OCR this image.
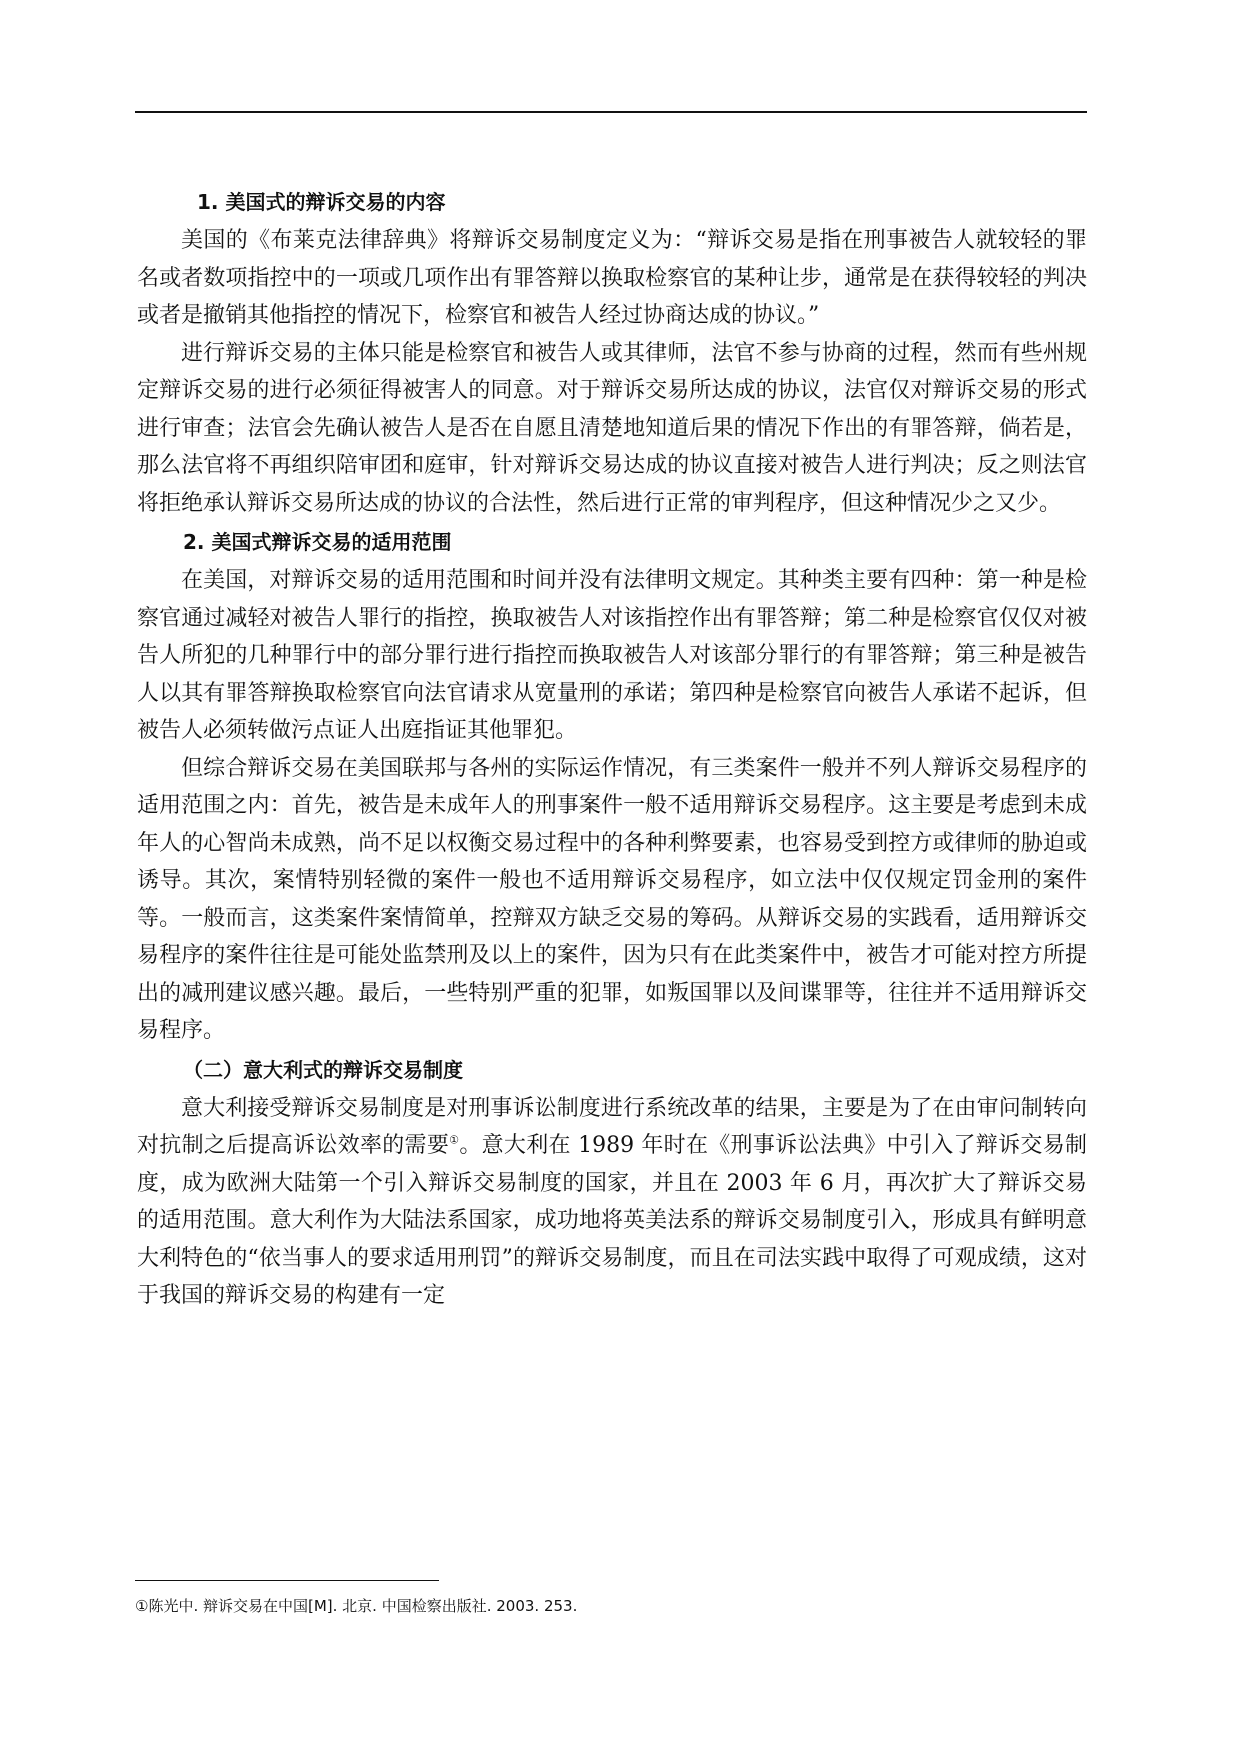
1. 美国式的辩诉交易的内容

美国的《布莱克法律辞典》将辩诉交易制度定义为：“辩诉交易是指在刑事被告人就较轻的罪名或者数项指控中的一项或几项作出有罪答辩以换取检察官的某种让步，通常是在获得较轻的判决或者是撤销其他指控的情况下，检察官和被告人经过协商达成的协议。”

进行辩诉交易的主体只能是检察官和被告人或其律师，法官不参与协商的过程，然而有些州规定辩诉交易的进行必须征得被害人的同意。对于辩诉交易所达成的协议，法官仅对辩诉交易的形式进行审查；法官会先确认被告人是否在自愿且清楚地知道后果的情况下作出的有罪答辩，倘若是，那么法官将不再组织陪审团和庭审，针对辩诉交易达成的协议直接对被告人进行判决；反之则法官将拒绝承认辩诉交易所达成的协议的合法性，然后进行正常的审判程序，但这种情况少之又少。

2. 美国式辩诉交易的适用范围

在美国，对辩诉交易的适用范围和时间并没有法律明文规定。其种类主要有四种：第一种是检察官通过减轻对被告人罪行的指控，换取被告人对该指控作出有罪答辩；第二种是检察官仅仅对被告人所犯的几种罪行中的部分罪行进行指控而换取被告人对该部分罪行的有罪答辩；第三种是被告人以其有罪答辩换取检察官向法官请求从宽量刑的承诺；第四种是检察官向被告人承诺不起诉，但被告人必须转做污点证人出庭指证其他罪犯。

但综合辩诉交易在美国联邦与各州的实际运作情况，有三类案件一般并不列人辩诉交易程序的适用范围之内：首先，被告是未成年人的刑事案件一般不适用辩诉交易程序。这主要是考虑到未成年人的心智尚未成熟，尚不足以权衡交易过程中的各种利弊要素，也容易受到控方或律师的胁迫或诱导。其次，案情特别轻微的案件一般也不适用辩诉交易程序，如立法中仅仅规定罚金刑的案件等。一般而言，这类案件案情简单，控辩双方缺乏交易的筹码。从辩诉交易的实践看，适用辩诉交易程序的案件往往是可能处监禁刑及以上的案件，因为只有在此类案件中，被告才可能对控方所提出的减刑建议感兴趣。最后，一些特别严重的犯罪，如叛国罪以及间谍罪等，往往并不适用辩诉交易程序。

（二）意大利式的辩诉交易制度

意大利接受辩诉交易制度是对刑事诉讼制度进行系统改革的结果，主要是为了在由审问制转向对抗制之后提高诉讼效率的需要①。意大利在 1989 年时在《刑事诉讼法典》中引入了辩诉交易制度，成为欧洲大陆第一个引入辩诉交易制度的国家，并且在 2003 年 6 月，再次扩大了辩诉交易的适用范围。意大利作为大陆法系国家，成功地将英美法系的辩诉交易制度引入，形成具有鲜明意大利特色的“依当事人的要求适用刑罚”的辩诉交易制度，而且在司法实践中取得了可观成绩，这对于我国的辩诉交易的构建有一定

①陈光中. 辩诉交易在中国[M]. 北京. 中国检察出版社. 2003. 253.
